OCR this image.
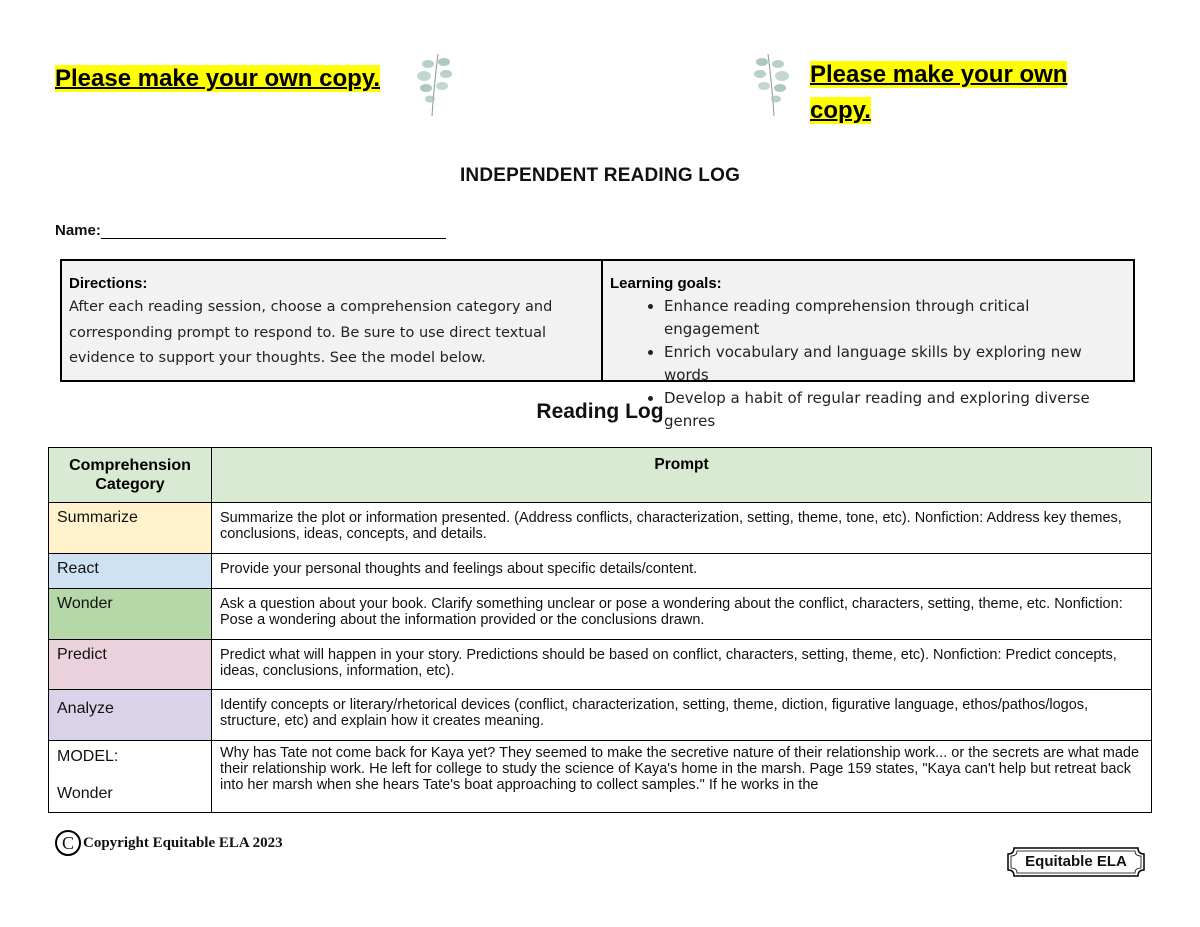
Please make your own copy.	Please make your own copy.
INDEPENDENT READING LOG
Name:
Directions:
After each reading session, choose a comprehension category and corresponding prompt to respond to. Be sure to use direct textual evidence to support your thoughts. See the model below.
Learning goals:
• Enhance reading comprehension through critical engagement
• Enrich vocabulary and language skills by exploring new words
• Develop a habit of regular reading and exploring diverse genres
Reading Log
Comprehension Category	Prompt
Summarize	Summarize the plot or information presented. (Address conflicts, characterization, setting, theme, tone, etc). Nonfiction: Address key themes, conclusions, ideas, concepts, and details.
React	Provide your personal thoughts and feelings about specific details/content.
Wonder	Ask a question about your book. Clarify something unclear or pose a wondering about the conflict, characters, setting, theme, etc. Nonfiction: Pose a wondering about the information provided or the conclusions drawn.
Predict	Predict what will happen in your story. Predictions should be based on conflict, characters, setting, theme, etc). Nonfiction: Predict concepts, ideas, conclusions, information, etc).
Analyze	Identify concepts or literary/rhetorical devices (conflict, characterization, setting, theme, diction, figurative language, ethos/pathos/logos, structure, etc) and explain how it creates meaning.

MODEL:
Wonder	Why has Tate not come back for Kaya yet? They seemed to make the secretive nature of their relationship work... or the secrets are what made their relationship work. He left for college to study the science of Kaya's home in the marsh. Page 159 states, "Kaya can't help but retreat back into her marsh when she hears Tate's boat approaching to collect samples." If he works in the
C Copyright Equitable ELA 2023
Equitable ELA
